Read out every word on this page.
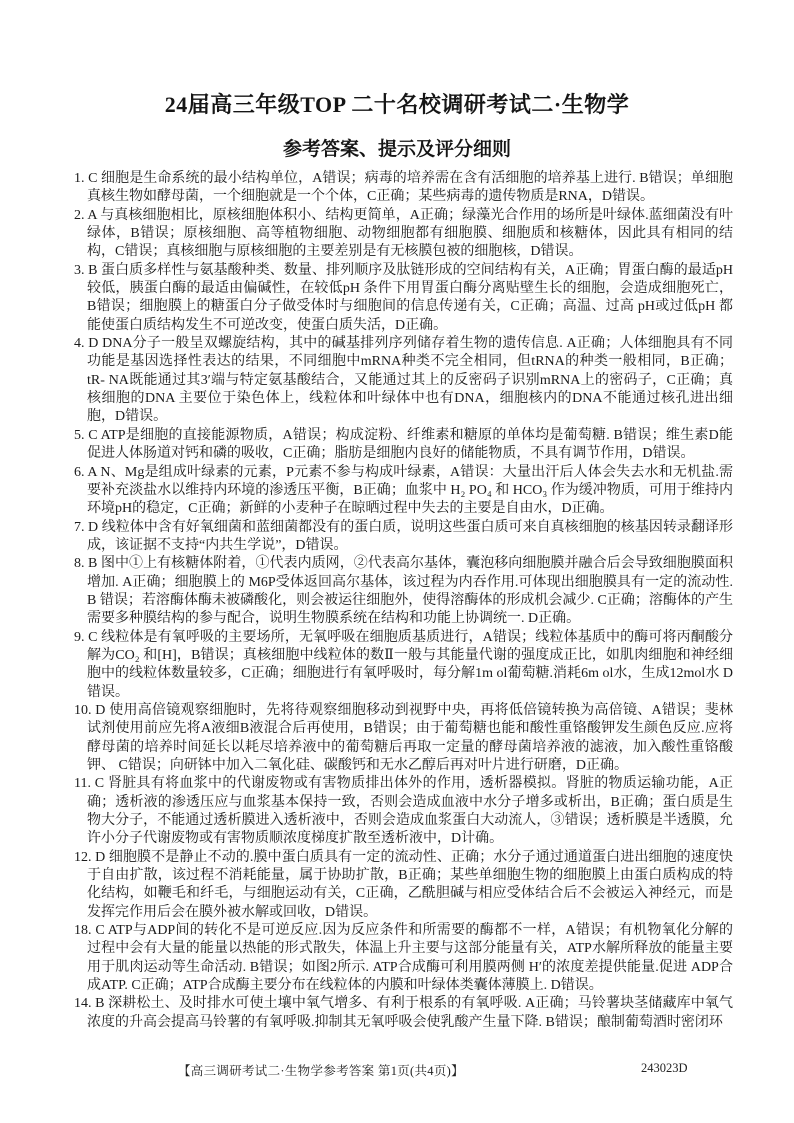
24届高三年级TOP 二十名校调研考试二·生物学
参考答案、提示及评分细则
1. C 细胞是生命系统的最小结构单位，A错误；病毒的培养需在含有活细胞的培养基上进行. B错误；单细胞真核生物如酵母菌，一个细胞就是一个个体，C正确；某些病毒的遗传物质是RNA，D错误。
2. A 与真核细胞相比，原核细胞体积小、结构更简单，A正确；绿藻光合作用的场所是叶绿体.蓝细菌没有叶绿体，B错误；原核细胞、高等植物细胞、动物细胞都有细胞膜、细胞质和核糖体，因此具有相同的结构，C错误；真核细胞与原核细胞的主要差别是有无核膜包被的细胞核，D错误。
3. B 蛋白质多样性与氨基酸种类、数量、排列顺序及肽链形成的空间结构有关，A正确；胃蛋白酶的最适pH较低，胰蛋白酶的最适由偏碱性，在较低pH 条件下用胃蛋白酶分离贴壁生长的细胞，会造成细胞死亡， B错误；细胞膜上的糖蛋白分子做受体时与细胞间的信息传递有关，C正确；高温、过高 pH或过低pH 都能使蛋白质结构发生不可逆改变，使蛋白质失活，D正确。
4. D DNA分子一般呈双螺旋结构，其中的碱基排列序列储存着生物的遗传信息. A正确；人体细胞具有不同功能是基因选择性表达的结果，不同细胞中mRNA种类不完全相同，但tRNA的种类一般相同，B正确；tR- NA既能通过其3′端与特定氨基酸结合，又能通过其上的反密码子识别mRNA上的密码子，C正确；真核细胞的DNA 主要位于染色体上，线粒体和叶绿体中也有DNA，细胞核内的DNA不能通过核孔进出细胞，D错误。
5. C ATP是细胞的直接能源物质，A错误；构成淀粉、纤维素和糖原的单体均是葡萄糖. B错误；维生素D能促进人体肠道对钙和磷的吸收，C正确；脂肪是细胞内良好的储能物质，不具有调节作用，D错误。
6. A N、Mg是组成叶绿素的元素，P元素不参与构成叶绿素，A错误：大量出汗后人体会失去水和无机盐.需要补充淡盐水以维持内环境的渗透压平衡，B正确；血浆中 H₂ PO₄ 和 HCO₃ 作为缓冲物质，可用于维持内环境pH的稳定，C正确；新鲜的小麦种子在晾晒过程中失去的主要是自由水，D正确。
7. D 线粒体中含有好氧细菌和蓝细菌都没有的蛋白质，说明这些蛋白质可来自真核细胞的核基因转录翻译形成，该证据不支持“内共生学说”，D错误。
8. B 图中①上有核糖体附着，①代表内质网，②代表高尔基体，囊泡移向细胞膜并融合后会导致细胞膜面积增加. A正确；细胞膜上的 M6P受体返回高尔基体，该过程为内吞作用.可体现出细胞膜具有一定的流动性. B 错误；若溶酶体酶未被磷酸化，则会被运往细胞外，使得溶酶体的形成机会减少. C正确；溶酶体的产生需要多种膜结构的参与配合，说明生物膜系统在结构和功能上协调统一. D正确。
9. C 线粒体是有氧呼吸的主要场所，无氧呼吸在细胞质基质进行，A错误；线粒体基质中的酶可将丙酮酸分解为CO₂ 和[H]，B错误；真核细胞中线粒体的数Ⅱ一般与其能量代谢的强度成正比，如肌肉细胞和神经细胞中的线粒体数量较多，C正确；细胞进行有氧呼吸时，每分解1m ol葡萄糖.消耗6m ol水，生成12mol水 D错误。
10. D 使用高倍镜观察细胞时，先将待观察细胞移动到视野中央，再将低倍镜转换为高倍镜、A错误；斐林试剂使用前应先将A液细B液混合后再使用，B错误；由于葡萄糖也能和酸性重铬酸钾发生颜色反应.应将酵母菌的培养时间延长以耗尽培养液中的葡萄糖后再取一定量的酵母菌培养液的滤液，加入酸性重铬酸钾、 C错误；向研钵中加入二氧化硅、碳酸钙和无水乙醇后再对叶片进行研磨，D正确。
11. C 肾脏具有将血浆中的代谢废物或有害物质排出体外的作用，透析器模拟。肾脏的物质运输功能，A正确；透析液的渗透压应与血浆基本保持一致，否则会造成血液中水分子增多或析出，B正确；蛋白质是生物大分子，不能通过透析膜进入透析液中，否则会造成血浆蛋白大动流人，③错误；透析膜是半透膜，允许小分子代谢废物或有害物质顺浓度梯度扩散至透析液中，D计确。
12. D 细胞膜不是静止不动的.膜中蛋白质具有一定的流动性、正确；水分子通过通道蛋白进出细胞的速度快于自由扩散，该过程不消耗能量，属于协助扩散，B正确；某些单细胞生物的细胞膜上由蛋白质构成的特化结构，如鞭毛和纤毛，与细胞运动有关，C正确，乙酰胆碱与相应受体结合后不会被运入神经元，而是发挥完作用后会在膜外被水解或回收，D错误。
18. C ATP与ADP间的转化不是可逆反应.因为反应条件和所需要的酶都不一样，A错误；有机物氧化分解的过程中会有大量的能量以热能的形式散失，体温上升主要与这部分能量有关，ATP水解所释放的能量主要用于肌肉运动等生命活动. B错误；如图2所示. ATP合成酶可利用膜两侧 H′的浓度差提供能量.促进 ADP合成ATP. C正确；ATP合成酶主要分布在线粒体的内膜和叶绿体类囊体薄膜上. D错误。
14. B 深耕松土、及时排水可使土壤中氧气增多、有利于根系的有氧呼吸. A正确；马铃薯块茎储藏库中氧气浓度的升高会提高马铃薯的有氧呼吸.抑制其无氧呼吸会使乳酸产生量下降. B错误；酿制葡萄酒时密闭环
【高三调研考试二·生物学参考答案 第1页(共4页)】	243023D
